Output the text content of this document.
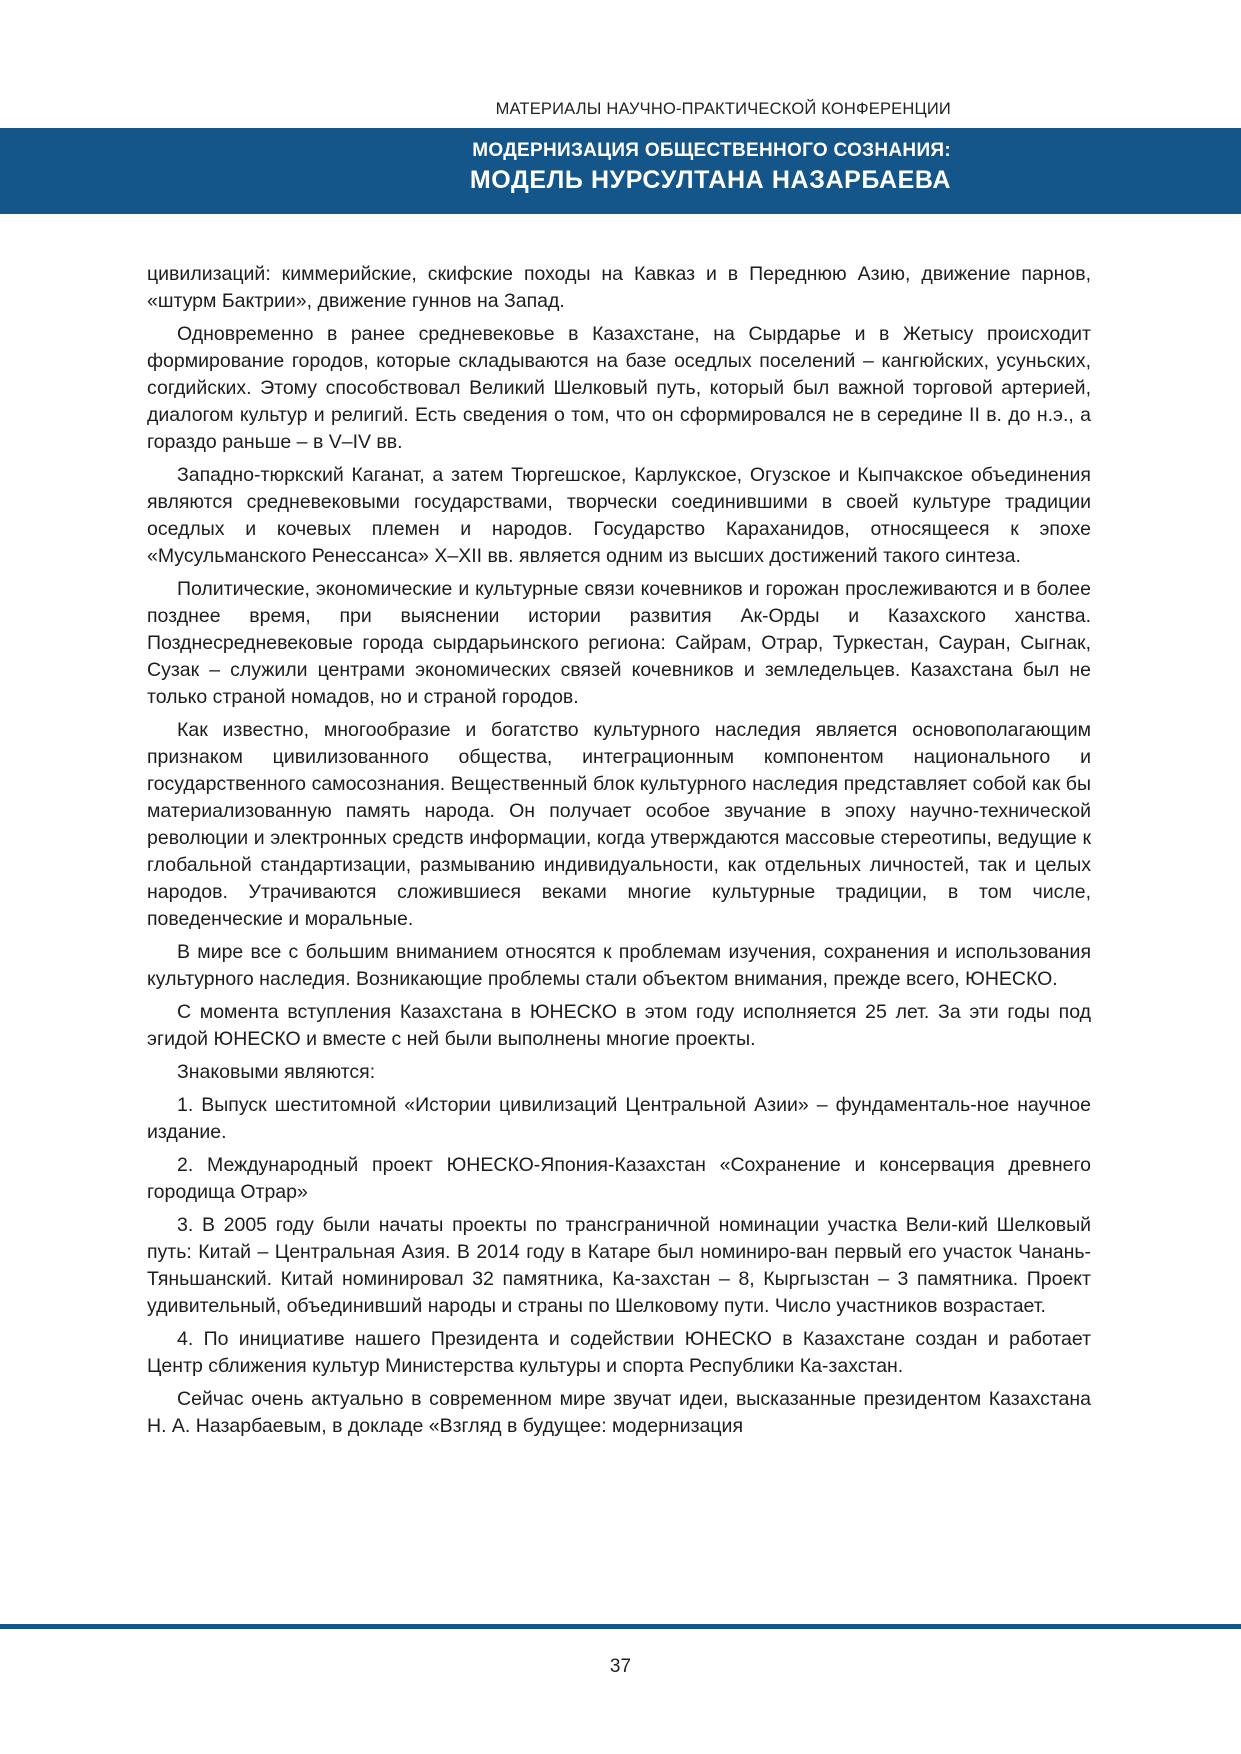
МАТЕРИАЛЫ НАУЧНО-ПРАКТИЧЕСКОЙ КОНФЕРЕНЦИИ
МОДЕРНИЗАЦИЯ ОБЩЕСТВЕННОГО СОЗНАНИЯ:
МОДЕЛЬ НУРСУЛТАНА НАЗАРБАЕВА

цивилизаций: киммерийские, скифские походы на Кавказ и в Переднюю Азию, движение парнов, «штурм Бактрии», движение гуннов на Запад.

Одновременно в ранее средневековье в Казахстане, на Сырдарье и в Жетысу происходит формирование городов, которые складываются на базе оседлых поселений – кангюйских, усуньских, согдийских. Этому способствовал Великий Шелковый путь, который был важной торговой артерией, диалогом культур и религий. Есть сведения о том, что он сформировался не в середине II в. до н.э., а гораздо раньше – в V–IV вв.

Западно-тюркский Каганат, а затем Тюргешское, Карлукское, Огузское и Кыпчакское объединения являются средневековыми государствами, творчески соединившими в своей культуре традиции оседлых и кочевых племен и народов. Государство Караханидов, относящееся к эпохе «Мусульманского Ренессанса» X–XII вв. является одним из высших достижений такого синтеза.

Политические, экономические и культурные связи кочевников и горожан прослеживаются и в более позднее время, при выяснении истории развития Ак-Орды и Казахского ханства. Позднесредневековые города сырдарьинского региона: Сайрам, Отрар, Туркестан, Сауран, Сыгнак, Сузак – служили центрами экономических связей кочевников и земледельцев. Казахстана был не только страной номадов, но и страной городов.

Как известно, многообразие и богатство культурного наследия является основополагающим признаком цивилизованного общества, интеграционным компонентом национального и государственного самосознания. Вещественный блок культурного наследия представляет собой как бы материализованную память народа. Он получает особое звучание в эпоху научно-технической революции и электронных средств информации, когда утверждаются массовые стереотипы, ведущие к глобальной стандартизации, размыванию индивидуальности, как отдельных личностей, так и целых народов. Утрачиваются сложившиеся веками многие культурные традиции, в том числе, поведенческие и моральные.

В мире все с большим вниманием относятся к проблемам изучения, сохранения и использования культурного наследия. Возникающие проблемы стали объектом внимания, прежде всего, ЮНЕСКО.

С момента вступления Казахстана в ЮНЕСКО в этом году исполняется 25 лет. За эти годы под эгидой ЮНЕСКО и вместе с ней были выполнены многие проекты.

Знаковыми являются:

1. Выпуск шеститомной «Истории цивилизаций Центральной Азии» – фундаменталь-ное научное издание.

2. Международный проект ЮНЕСКО-Япония-Казахстан «Сохранение и консервация древнего городища Отрар»

3. В 2005 году были начаты проекты по трансграничной номинации участка Вели-кий Шелковый путь: Китай – Центральная Азия. В 2014 году в Катаре был номиниро-ван первый его участок Чанань-Тяньшанский. Китай номинировал 32 памятника, Ка-захстан – 8, Кыргызстан – 3 памятника. Проект удивительный, объединивший народы и страны по Шелковому пути. Число участников возрастает.

4. По инициативе нашего Президента и содействии ЮНЕСКО в Казахстане создан и работает Центр сближения культур Министерства культуры и спорта Республики Ка-захстан.

Сейчас очень актуально в современном мире звучат идеи, высказанные президентом Казахстана Н. А. Назарбаевым, в докладе «Взгляд в будущее: модернизация

37
